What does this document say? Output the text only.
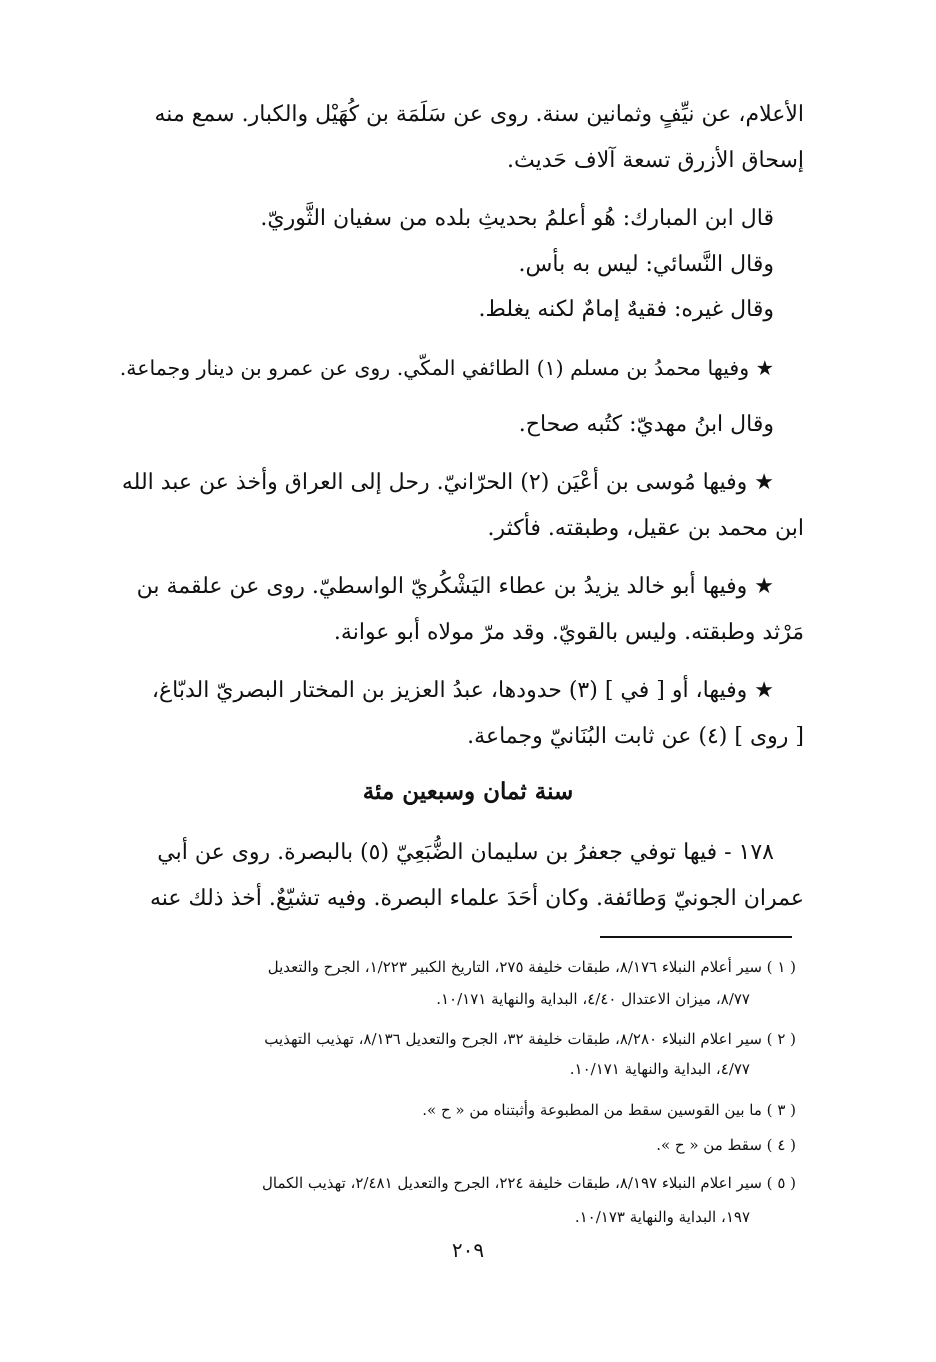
الأعلام، عن نيِّفٍ وثمانين سنة. روى عن سَلَمَة بن كُهَيْل والكبار. سمع منه
إسحاق الأزرق تسعة آلاف حَديث.
قال ابن المبارك: هُو أعلمُ بحديثِ بلده من سفيان الثَّوريّ.
وقال النَّسائي: ليس به بأس.
وقال غيره: فقيهٌ إمامٌ لكنه يغلط.
★ وفيها محمدُ بن مسلم (١) الطائفي المكّي. روى عن عمرو بن دينار وجماعة.
وقال ابنُ مهديّ: كتُبه صحاح.
★ وفيها مُوسى بن أعْيَن (٢) الحرّانيّ. رحل إلى العراق وأخذ عن عبد الله
ابن محمد بن عقيل، وطبقته. فأكثر.
★ وفيها أبو خالد يزيدُ بن عطاء اليَشْكُريّ الواسطيّ. روى عن علقمة بن
مَرْثد وطبقته. وليس بالقويّ. وقد مرّ مولاه أبو عوانة.
★ وفيها، أو [ في ] (٣) حدودها، عبدُ العزيز بن المختار البصريّ الدبّاغ،
[ روى ] (٤) عن ثابت البُنَانيّ وجماعة.
سنة ثمان وسبعين مئة
١٧٨ - فيها توفي جعفرُ بن سليمان الضُّبَعِيّ (٥) بالبصرة. روى عن أبي
عمران الجونيّ وَطائفة. وكان أحَدَ علماء البصرة. وفيه تشيّعٌ. أخذ ذلك عنه
( ١ ) سير أعلام النبلاء ٨/١٧٦، طبقات خليفة ٢٧٥، التاريخ الكبير ١/٢٢٣، الجرح والتعديل
٨/٧٧، ميزان الاعتدال ٤/٤٠، البداية والنهاية ١٠/١٧١.
( ٢ ) سير اعلام النبلاء ٨/٢٨٠، طبقات خليفة ٣٢، الجرح والتعديل ٨/١٣٦، تهذيب التهذيب
٤/٧٧، البداية والنهاية ١٠/١٧١.
( ٣ ) ما بين القوسين سقط من المطبوعة وأثبتناه من « ح ».
( ٤ ) سقط من « ح ».
( ٥ ) سير اعلام النبلاء ٨/١٩٧، طبقات خليفة ٢٢٤، الجرح والتعديل ٢/٤٨١، تهذيب الكمال
١٩٧، البداية والنهاية ١٠/١٧٣.
٢٠٩
